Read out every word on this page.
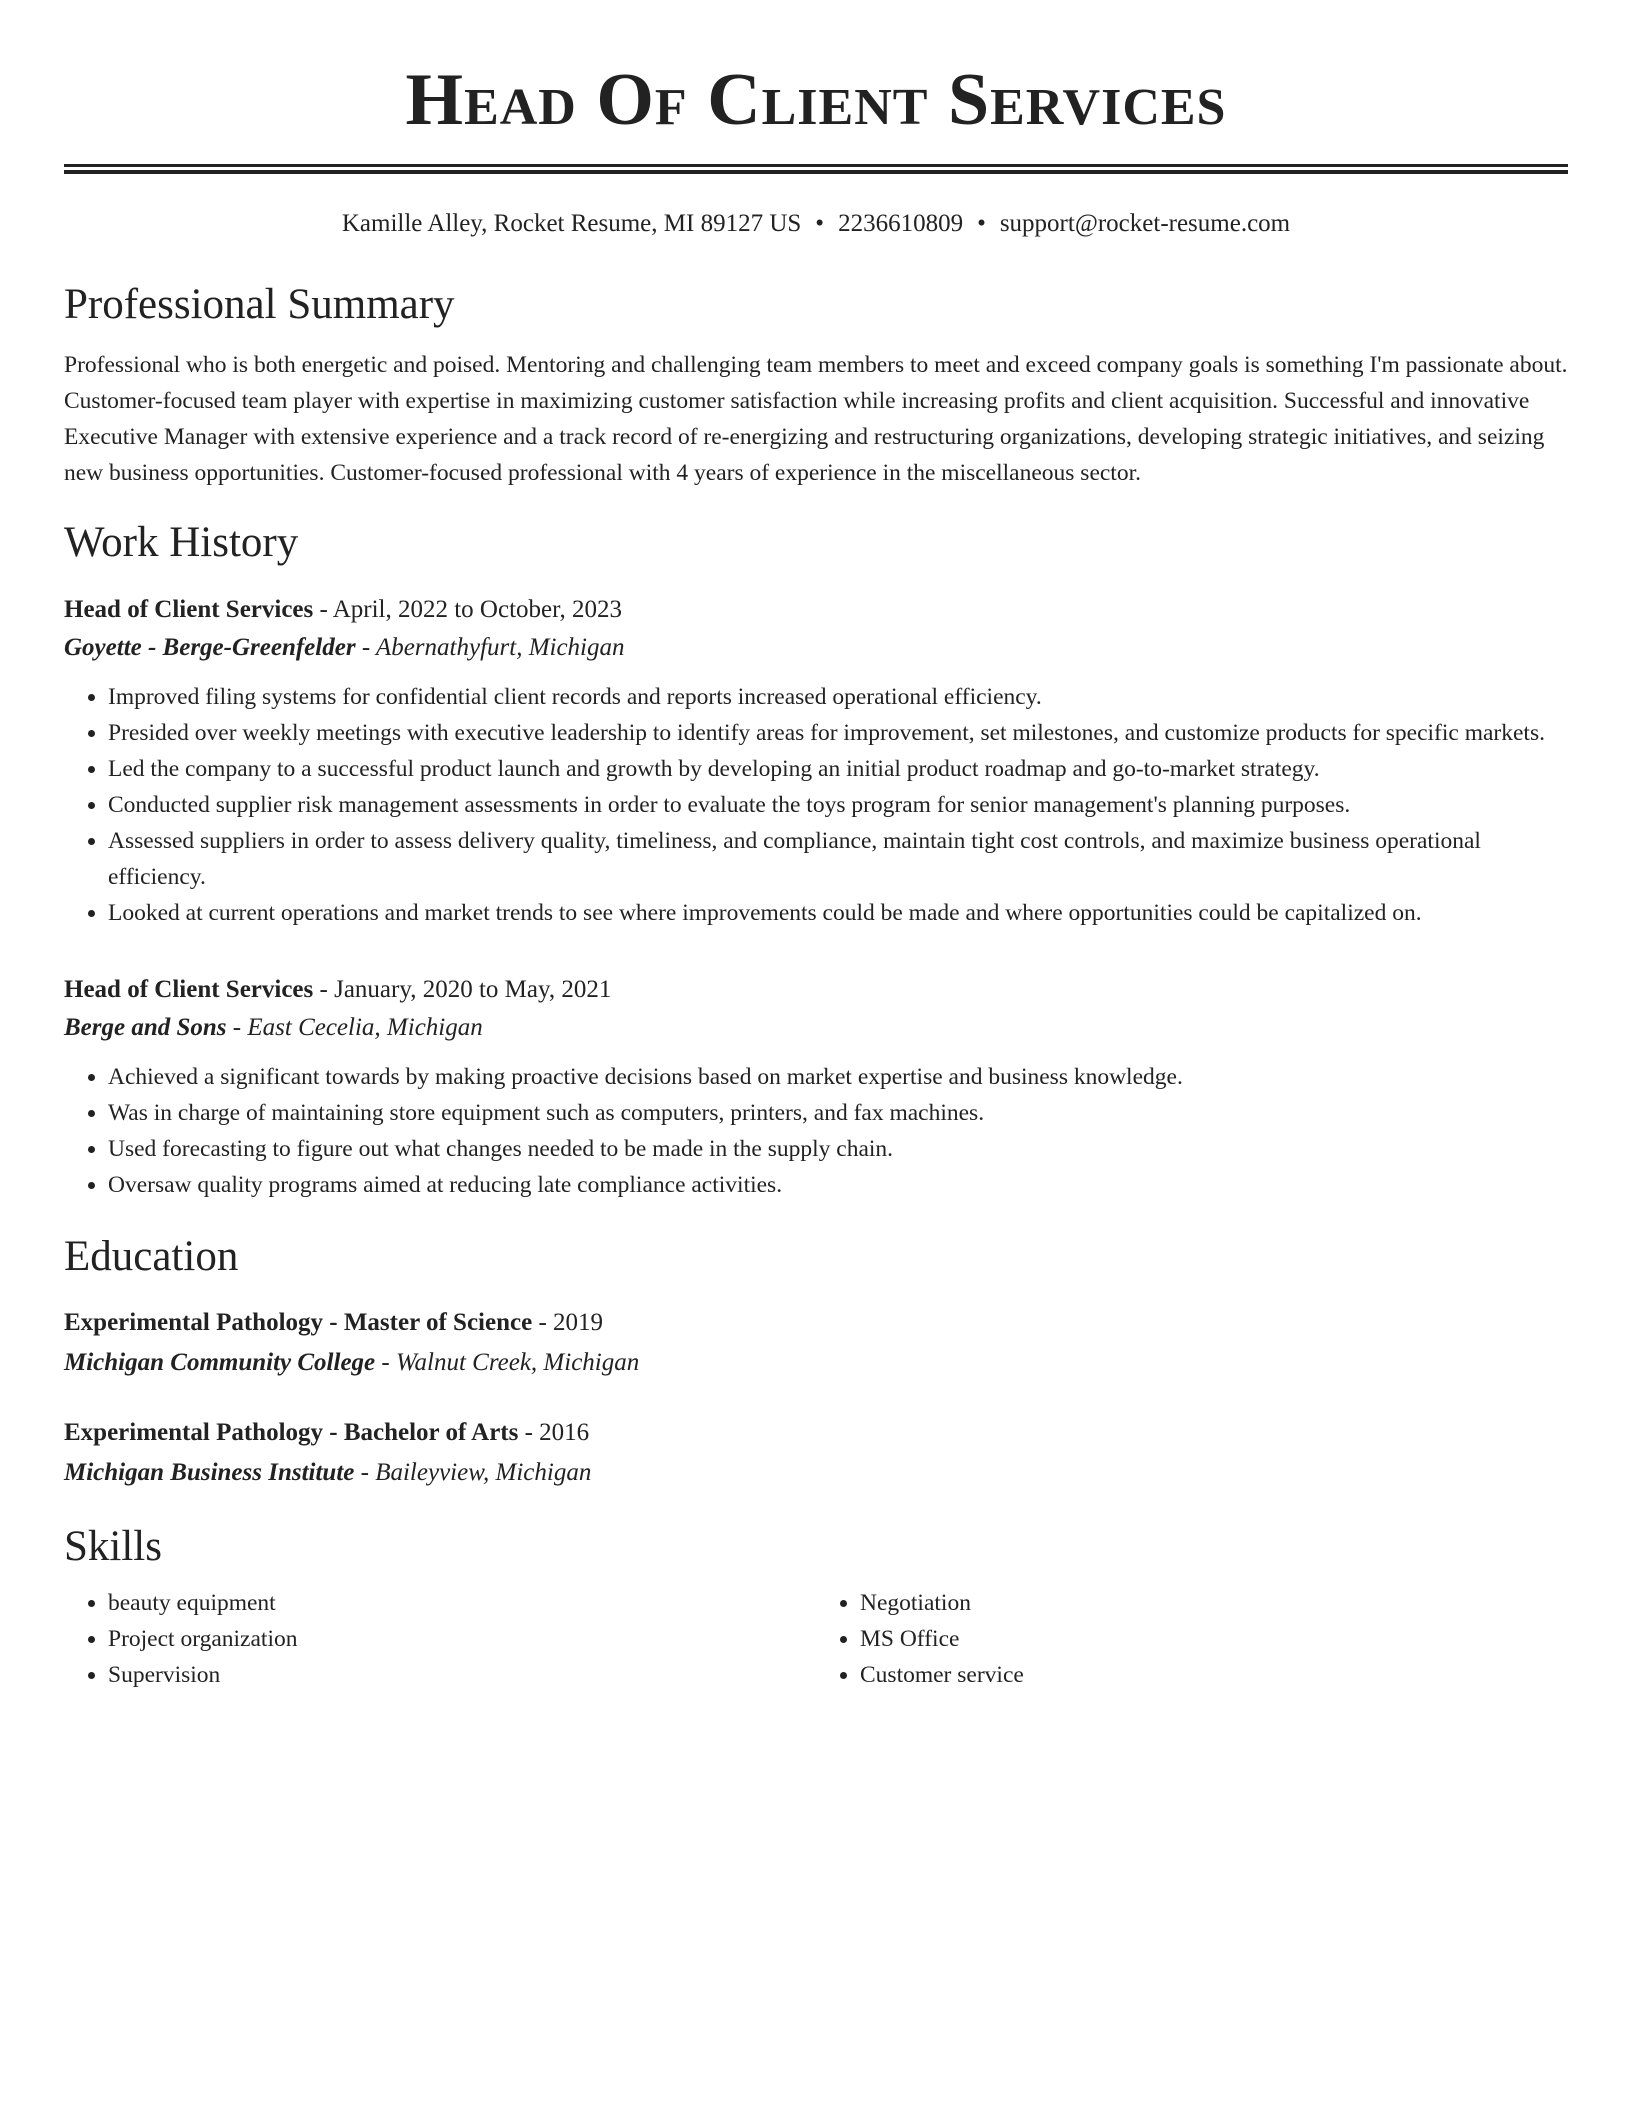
Head Of Client Services
Kamille Alley, Rocket Resume, MI 89127 US • 2236610809 • support@rocket-resume.com
Professional Summary
Professional who is both energetic and poised. Mentoring and challenging team members to meet and exceed company goals is something I'm passionate about. Customer-focused team player with expertise in maximizing customer satisfaction while increasing profits and client acquisition. Successful and innovative Executive Manager with extensive experience and a track record of re-energizing and restructuring organizations, developing strategic initiatives, and seizing new business opportunities. Customer-focused professional with 4 years of experience in the miscellaneous sector.
Work History
Head of Client Services - April, 2022 to October, 2023
Goyette - Berge-Greenfelder - Abernathyfurt, Michigan
• Improved filing systems for confidential client records and reports increased operational efficiency.
• Presided over weekly meetings with executive leadership to identify areas for improvement, set milestones, and customize products for specific markets.
• Led the company to a successful product launch and growth by developing an initial product roadmap and go-to-market strategy.
• Conducted supplier risk management assessments in order to evaluate the toys program for senior management's planning purposes.
• Assessed suppliers in order to assess delivery quality, timeliness, and compliance, maintain tight cost controls, and maximize business operational efficiency.
• Looked at current operations and market trends to see where improvements could be made and where opportunities could be capitalized on.
Head of Client Services - January, 2020 to May, 2021
Berge and Sons - East Cecelia, Michigan
• Achieved a significant towards by making proactive decisions based on market expertise and business knowledge.
• Was in charge of maintaining store equipment such as computers, printers, and fax machines.
• Used forecasting to figure out what changes needed to be made in the supply chain.
• Oversaw quality programs aimed at reducing late compliance activities.
Education
Experimental Pathology - Master of Science - 2019
Michigan Community College - Walnut Creek, Michigan
Experimental Pathology - Bachelor of Arts - 2016
Michigan Business Institute - Baileyview, Michigan
Skills
• beauty equipment
• Project organization
• Supervision
• Negotiation
• MS Office
• Customer service
